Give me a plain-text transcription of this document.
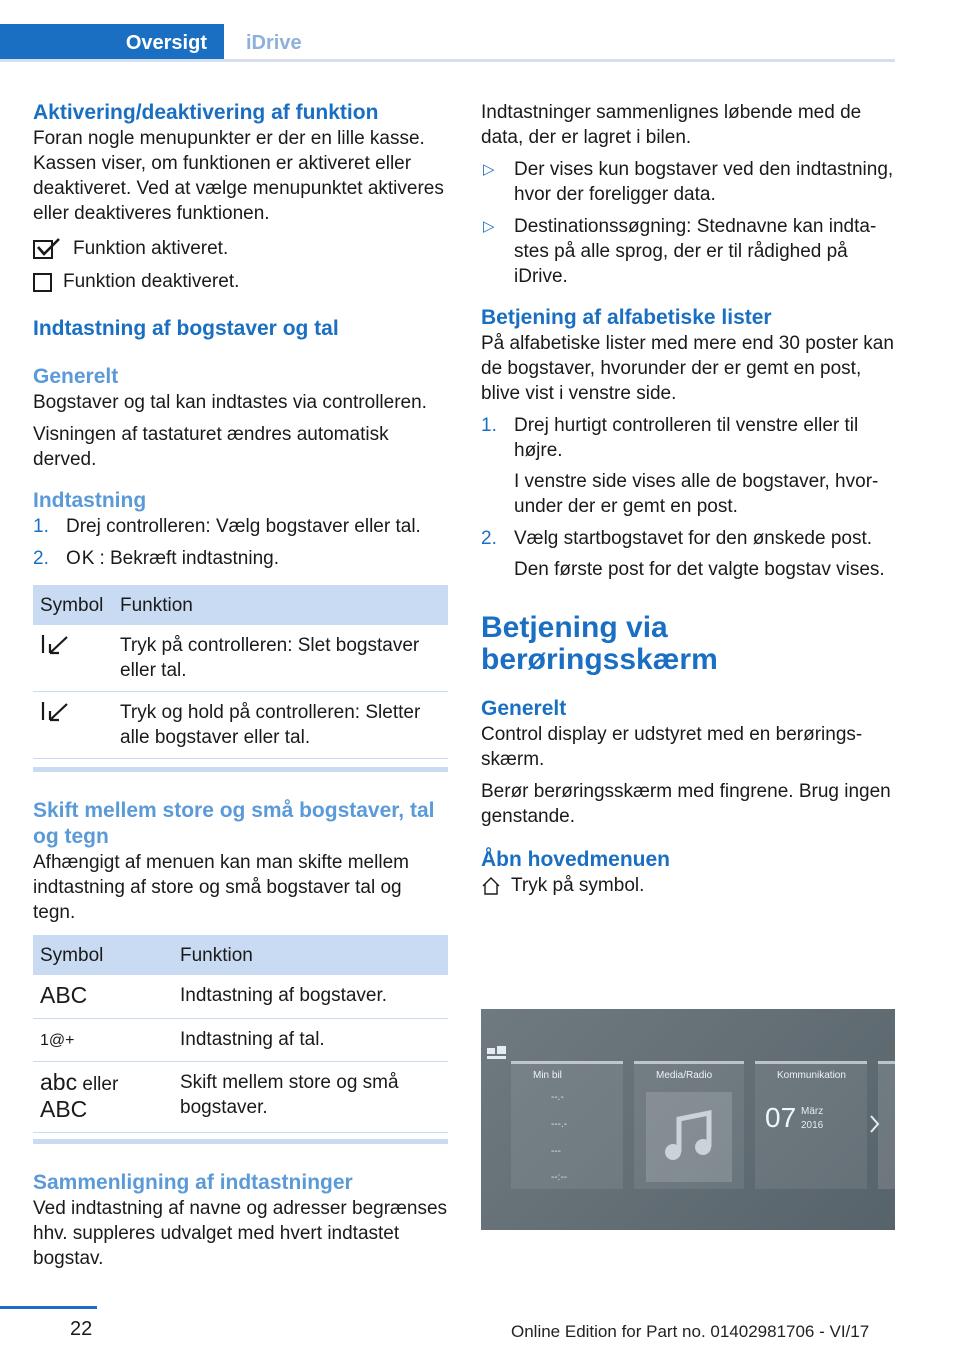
Oversigt	iDrive
Aktivering/deaktivering af funktion

Foran nogle menupunkter er der en lille kasse. Kassen viser, om funktionen er aktiveret eller deaktiveret. Ved at vælge menupunktet aktiveres eller deaktiveres funktionen.

Funktion aktiveret.
Funktion deaktiveret.
Indtastning af bogstaver og tal
Generelt

Bogstaver og tal kan indtastes via controlleren.

Visningen af tastaturet ændres automatisk derved.

Indtastning
1. Drej controlleren: Vælg bogstaver eller tal.
2. OK : Bekræft indtastning.
Symbol	Funktion
	Tryk på controlleren: Slet bogstaver eller tal.
	Tryk og hold på controlleren: Sletter alle bogstaver eller tal.
Skift mellem store og små bogstaver, tal og tegn

Afhængigt af menuen kan man skifte mellem indtastning af store og små bogstaver tal og tegn.

Symbol	Funktion
ABC	Indtastning af bogstaver.
1@+	Indtastning af tal.
abc eller
ABC	Skift mellem store og små bogstaver.
Sammenligning af indtastninger

Ved indtastning af navne og adresser begrænses hhv. suppleres udvalget med hvert indtastet bogstav.

Indtastninger sammenlignes løbende med de data, der er lagret i bilen.

▷ Der vises kun bogstaver ved den indtastning, hvor der foreligger data.
▷ Destinationssøgning: Stednavne kan indtastes på alle sprog, der er til rådighed på iDrive.
Betjening af alfabetiske lister

På alfabetiske lister med mere end 30 poster kan de bogstaver, hvorunder der er gemt en post, blive vist i venstre side.

1. Drej hurtigt controlleren til venstre eller til højre.
I venstre side vises alle de bogstaver, hvorunder der er gemt en post.
2. Vælg startbogstavet for den ønskede post.
Den første post for det valgte bogstav vises.
Betjening via berøringsskærm
Generelt

Control display er udstyret med en berøringsskærm.

Berør berøringsskærm med fingrene. Brug ingen genstande.

Åbn hovedmenuen
Tryk på symbol.
Min bil
--.-
---.-
---
--:--
Media/Radio	Kommunikation
07 März
2016
22	Online Edition for Part no. 01402981706 - VI/17
